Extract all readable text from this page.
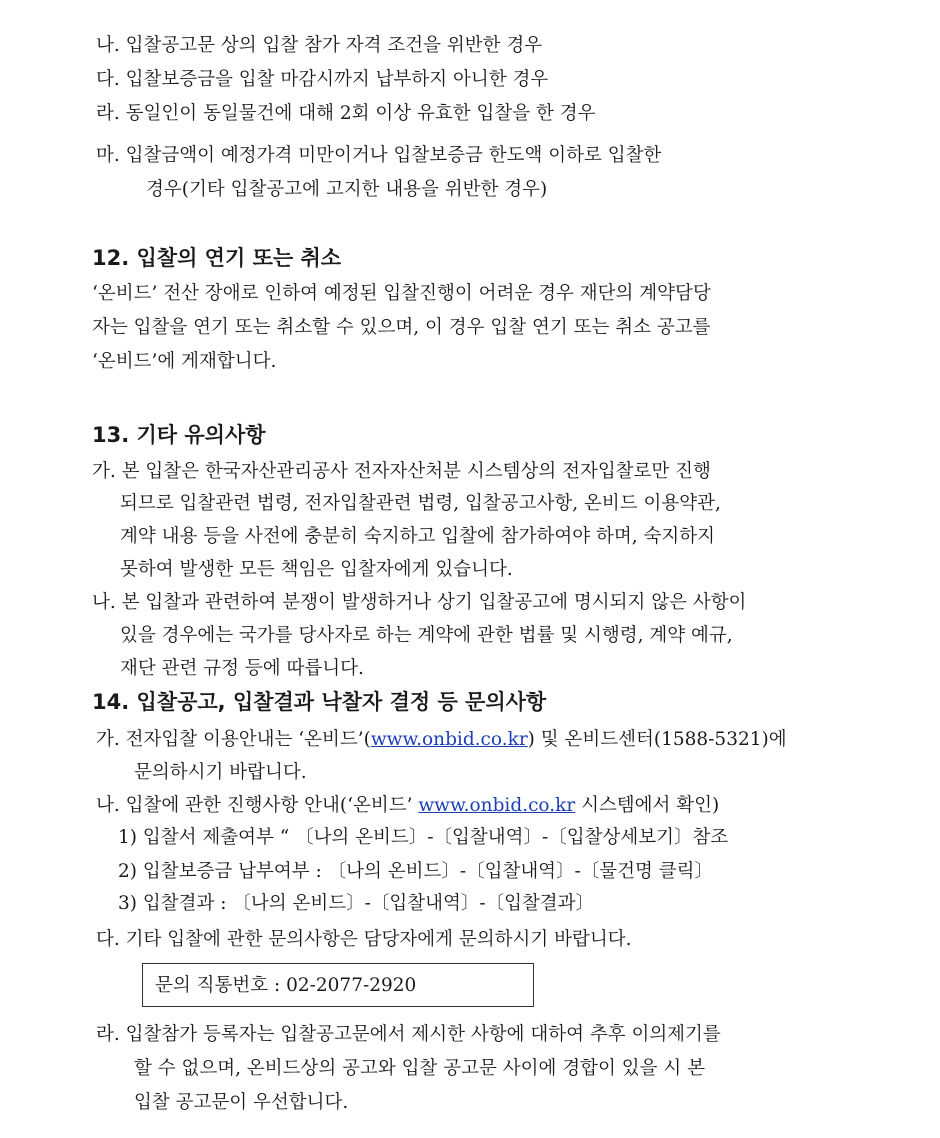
나. 입찰공고문 상의 입찰 참가 자격 조건을 위반한 경우
다. 입찰보증금을 입찰 마감시까지 납부하지 아니한 경우
라. 동일인이 동일물건에 대해 2회 이상 유효한 입찰을 한 경우
마. 입찰금액이 예정가격 미만이거나 입찰보증금 한도액 이하로 입찰한
경우(기타 입찰공고에 고지한 내용을 위반한 경우)
12. 입찰의 연기 또는 취소
‘온비드’ 전산 장애로 인하여 예정된 입찰진행이 어려운 경우 재단의 계약담당
자는 입찰을 연기 또는 취소할 수 있으며, 이 경우 입찰 연기 또는 취소 공고를
‘온비드’에 게재합니다.
13. 기타 유의사항
가. 본 입찰은 한국자산관리공사 전자자산처분 시스템상의 전자입찰로만 진행
되므로 입찰관련 법령, 전자입찰관련 법령, 입찰공고사항, 온비드 이용약관,
계약 내용 등을 사전에 충분히 숙지하고 입찰에 참가하여야 하며, 숙지하지
못하여 발생한 모든 책임은 입찰자에게 있습니다.
나. 본 입찰과 관련하여 분쟁이 발생하거나 상기 입찰공고에 명시되지 않은 사항이
있을 경우에는 국가를 당사자로 하는 계약에 관한 법률 및 시행령, 계약 예규,
재단 관련 규정 등에 따릅니다.
14. 입찰공고, 입찰결과 낙찰자 결정 등 문의사항
가. 전자입찰 이용안내는 ‘온비드’(www.onbid.co.kr) 및 온비드센터(1588-5321)에
문의하시기 바랍니다.
나. 입찰에 관한 진행사항 안내(‘온비드’ www.onbid.co.kr 시스템에서 확인)
1) 입찰서 제출여부 “ 〔나의 온비드〕-〔입찰내역〕-〔입찰상세보기〕참조
2) 입찰보증금 납부여부 : 〔나의 온비드〕-〔입찰내역〕-〔물건명 클릭〕
3) 입찰결과 : 〔나의 온비드〕-〔입찰내역〕-〔입찰결과〕
다. 기타 입찰에 관한 문의사항은 담당자에게 문의하시기 바랍니다.
문의 직통번호 : 02-2077-2920
라. 입찰참가 등록자는 입찰공고문에서 제시한 사항에 대하여 추후 이의제기를
할 수 없으며, 온비드상의 공고와 입찰 공고문 사이에 경합이 있을 시 본
입찰 공고문이 우선합니다.
